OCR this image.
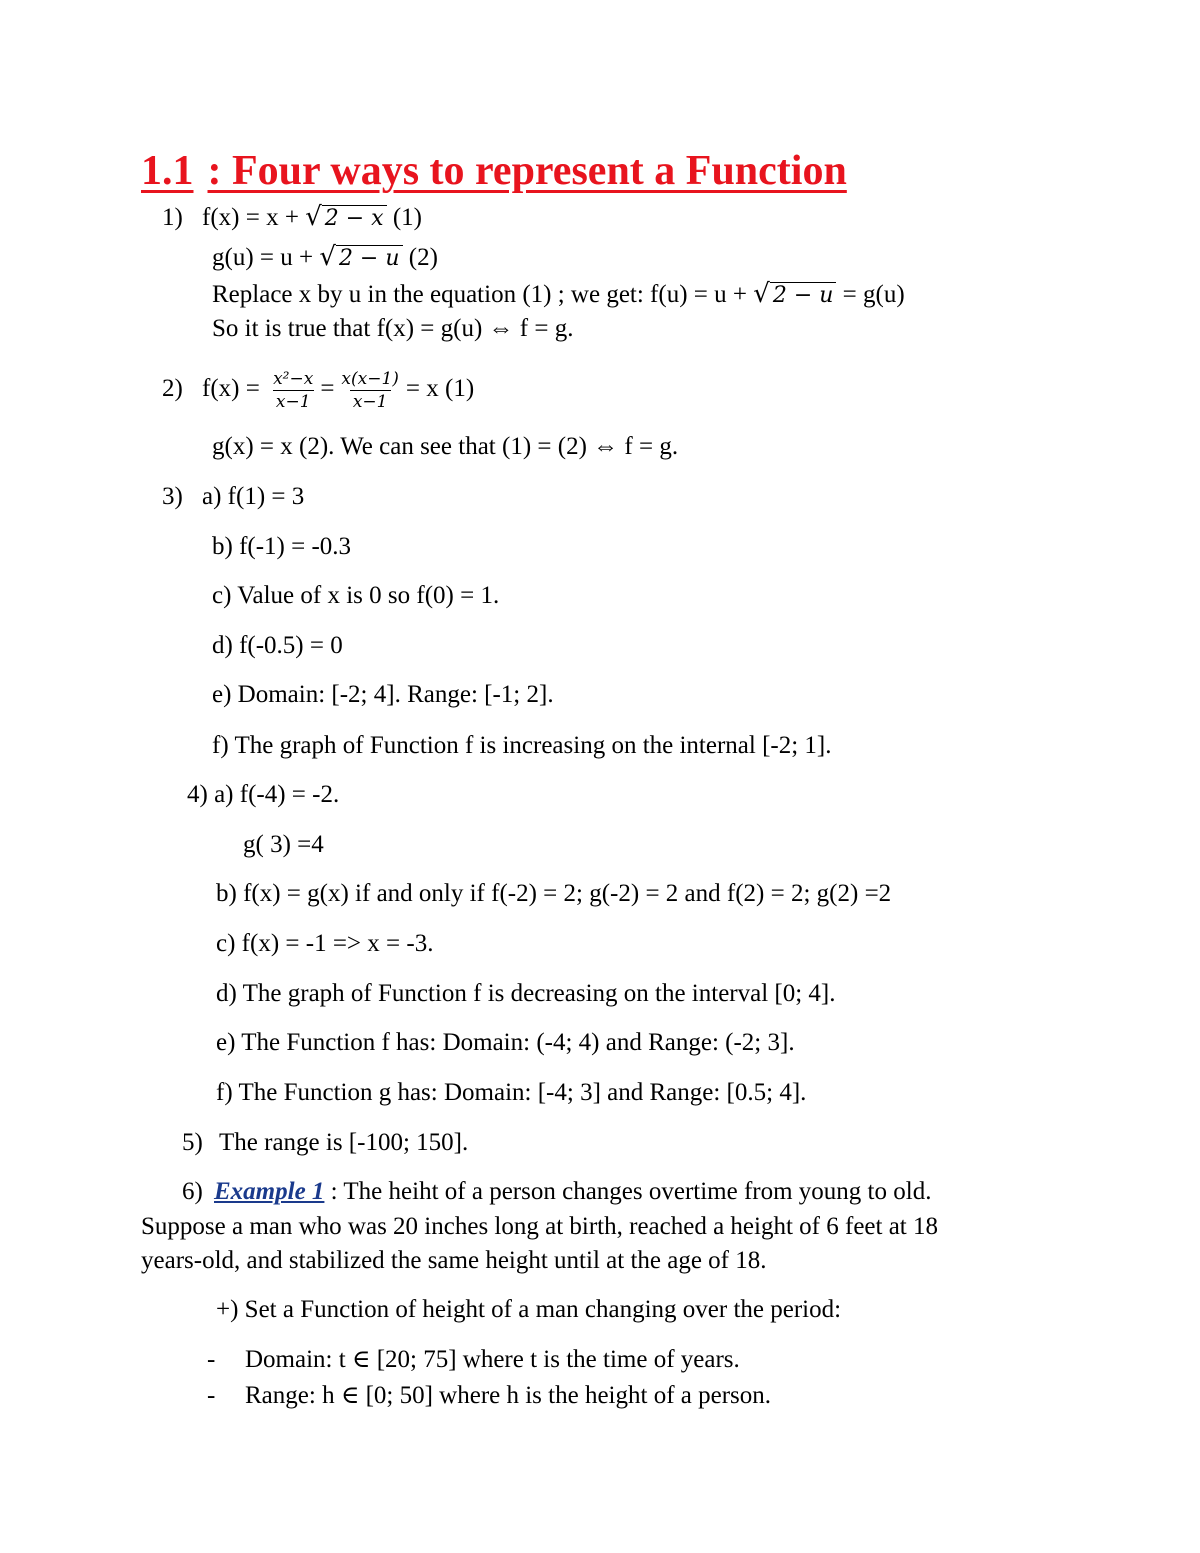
1.1 : Four ways to represent a Function
1) f(x) = x + √ 2 − x (1)
g(u) = u + √ 2 − u (2)
Replace x by u in the equation (1) ; we get: f(u) = u + √ 2 − u = g(u)
So it is true that f(x) = g(u) ⇔ f = g.
2) $f(x) = \frac{\text{x²−x}}{x-1} = \frac{x(x-1)}{x-1} = x$ (1)
g(x) = x (2). We can see that (1) = (2) ⇔ f = g.
3) a) f(1) = 3
b) f(-1) = -0.3
c) Value of x is 0 so f(0) = 1.
d) f(-0.5) = 0
e) Domain: [-2; 4]. Range: [-1; 2].
f) The graph of Function f is increasing on the internal [-2; 1].
4) a) f(-4) = -2.
g( 3) =4
b) f(x) = g(x) if and only if f(-2) = 2; g(-2) = 2 and f(2) = 2; g(2) =2
c) f(x) = -1 => x = -3.
d) The graph of Function f is decreasing on the interval [0; 4].
e) The Function f has: Domain: (-4; 4) and Range: (-2; 3].
f) The Function g has: Domain: [-4; 3] and Range: [0.5; 4].
5) The range is [-100; 150].
6) Example 1 : The heiht of a person changes overtime from young to old.
Suppose a man who was 20 inches long at birth, reached a height of 6 feet at 18
years-old, and stabilized the same height until at the age of 18.
+) Set a Function of height of a man changing over the period:
- Domain: t ∈ [20; 75] where t is the time of years.
- Range: h ∈ [0; 50] where h is the height of a person.
